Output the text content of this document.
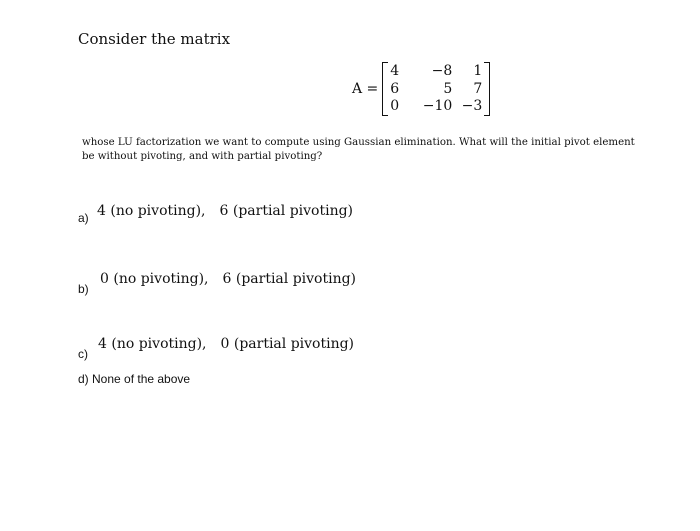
Consider the matrix
A =
4	−8	1
6	5	7
0	−10 −3
whose LU factorization we want to compute using Gaussian elimination. What will the initial pivot element be without pivoting, and with partial pivoting?
a) 4 (no pivoting), 6 (partial pivoting)
b)
0 (no pivoting), 6 (partial pivoting)
c)
4 (no pivoting), 0 (partial pivoting)
d) None of the above
